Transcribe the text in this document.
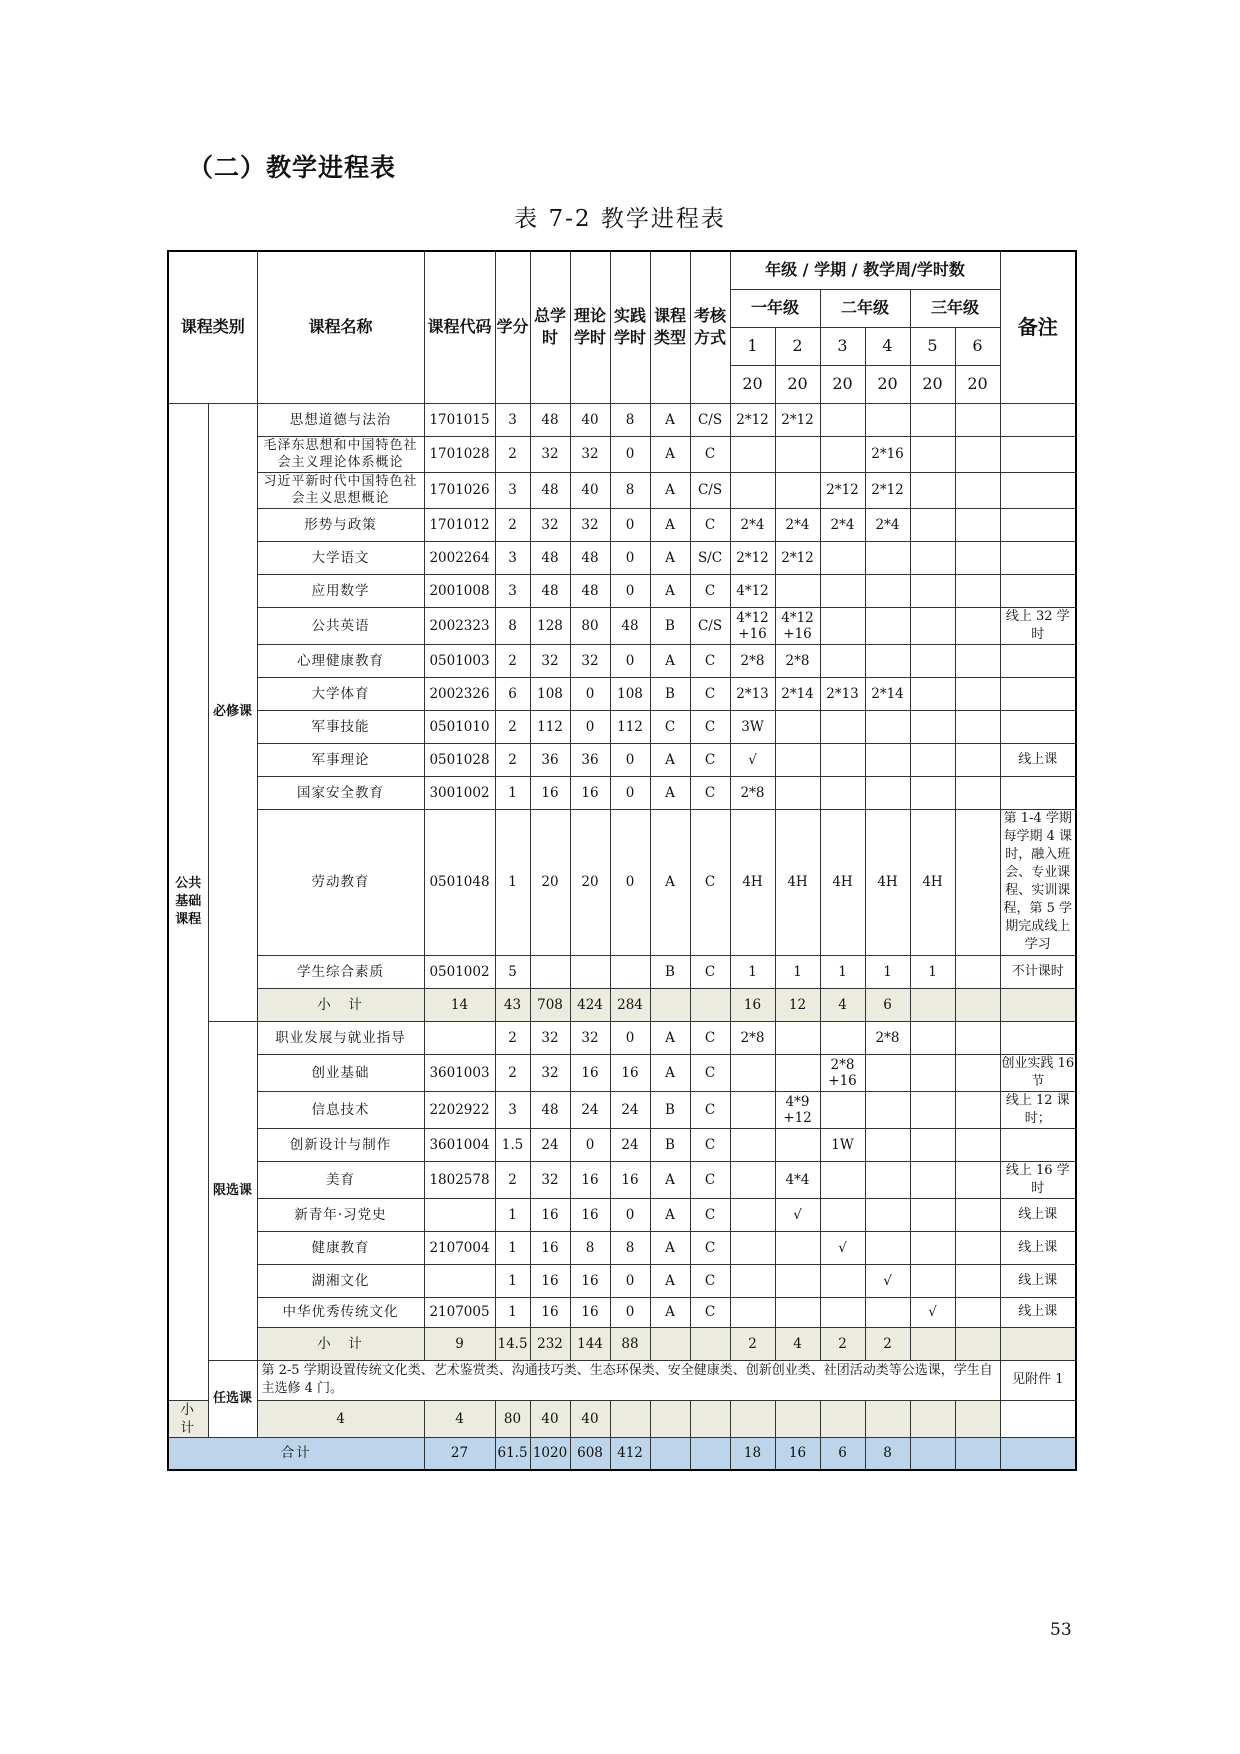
（二）教学进程表
表 7-2 教学进程表
课程类别		课程名称	课程代码	学分	总学时	理论学时	实践学时	课程类型	考核方式	年级 / 学期 / 教学周/学时数						备注
										一年级		二年级		三年级		
										1	2	3	4	5	6	
										20	20	20	20	20	20	
公共基础课程	必修课	思想道德与法治	1701015	3	48	40	8	A	C/S	2*12	2*12					
		毛泽东思想和中国特色社会主义理论体系概论	1701028	2	32	32	0	A	C				2*16			
		习近平新时代中国特色社会主义思想概论	1701026	3	48	40	8	A	C/S			2*12	2*12			
		形势与政策	1701012	2	32	32	0	A	C	2*4	2*4	2*4	2*4			
		大学语文	2002264	3	48	48	0	A	S/C	2*12	2*12					
		应用数学	2001008	3	48	48	0	A	C	4*12						
		公共英语	2002323	8	128	80	48	B	C/S	4*12 +16	4*12 +16					线上 32 学时
		心理健康教育	0501003	2	32	32	0	A	C	2*8	2*8					
		大学体育	2002326	6	108	0	108	B	C	2*13	2*14	2*13	2*14			
		军事技能	0501010	2	112	0	112	C	C	3W						
		军事理论	0501028	2	36	36	0	A	C	√						线上课
		国家安全教育	3001002	1	16	16	0	A	C	2*8						
		劳动教育	0501048	1	20	20	0	A	C	4H	4H	4H	4H	4H		第 1-4 学期每学期 4 课时，融入班会、专业课程、实训课程，第 5 学期完成线上学习
		学生综合素质	0501002	5				B	C	1	1	1	1	1		不计课时
		小　计	14	43	708	424	284			16	12	4	6			
	限选课	职业发展与就业指导		2	32	32	0	A	C	2*8			2*8			
		创业基础	3601003	2	32	16	16	A	C			2*8 +16				创业实践 16 节
		信息技术	2202922	3	48	24	24	B	C		4*9 +12					线上 12 课时；
		创新设计与制作	3601004	1.5	24	0	24	B	C			1W				
		美育	1802578	2	32	16	16	A	C		4*4					线上 16 学时
		新青年·习党史		1	16	16	0	A	C		√					线上课
		健康教育	2107004	1	16	8	8	A	C			√				线上课
		湖湘文化		1	16	16	0	A	C				√			线上课
		中华优秀传统文化	2107005	1	16	16	0	A	C					√		线上课
		小　计	9	14.5	232	144	88			2	4	2	2			
	任选课	第 2-5 学期设置传统文化类、艺术鉴赏类、沟通技巧类、生态环保类、安全健康类、创新创业类、社团活动类等公选课，学生自主选修 4 门。														见附件 1
小　计		4	4	80	40	40										
合计			27	61.5	1020	608	412			18	16	6	8			
53
